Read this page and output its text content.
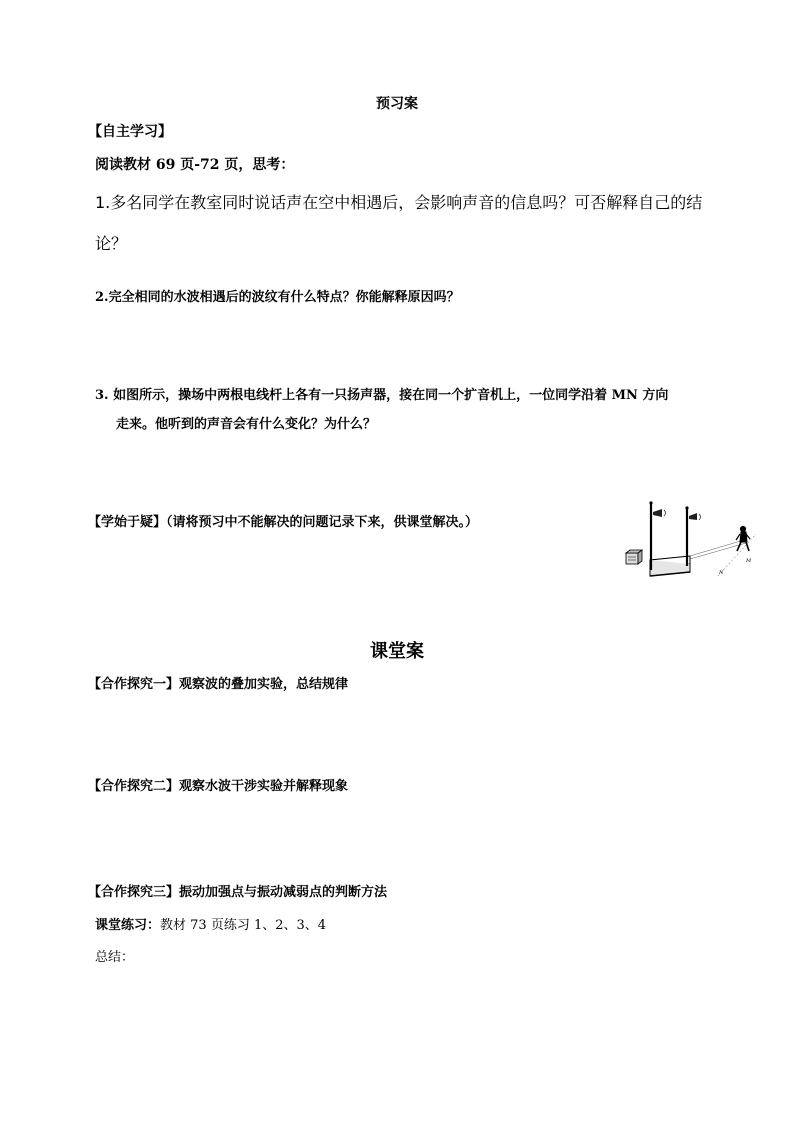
预习案
【自主学习】
阅读教材 69 页-72 页，思考：
1.多名同学在教室同时说话声在空中相遇后，会影响声音的信息吗？可否解释自己的结
论？
2.完全相同的水波相遇后的波纹有什么特点？你能解释原因吗？
3. 如图所示，操场中两根电线杆上各有一只扬声器，接在同一个扩音机上，一位同学沿着 MN 方向
走来。他听到的声音会有什么变化？为什么？
【学始于疑】（请将预习中不能解决的问题记录下来，供课堂解决。）
M
N
课堂案
【合作探究一】观察波的叠加实验，总结规律
【合作探究二】观察水波干涉实验并解释现象
【合作探究三】振动加强点与振动减弱点的判断方法
课堂练习：教材 73 页练习 1、2、3、4
总结：
